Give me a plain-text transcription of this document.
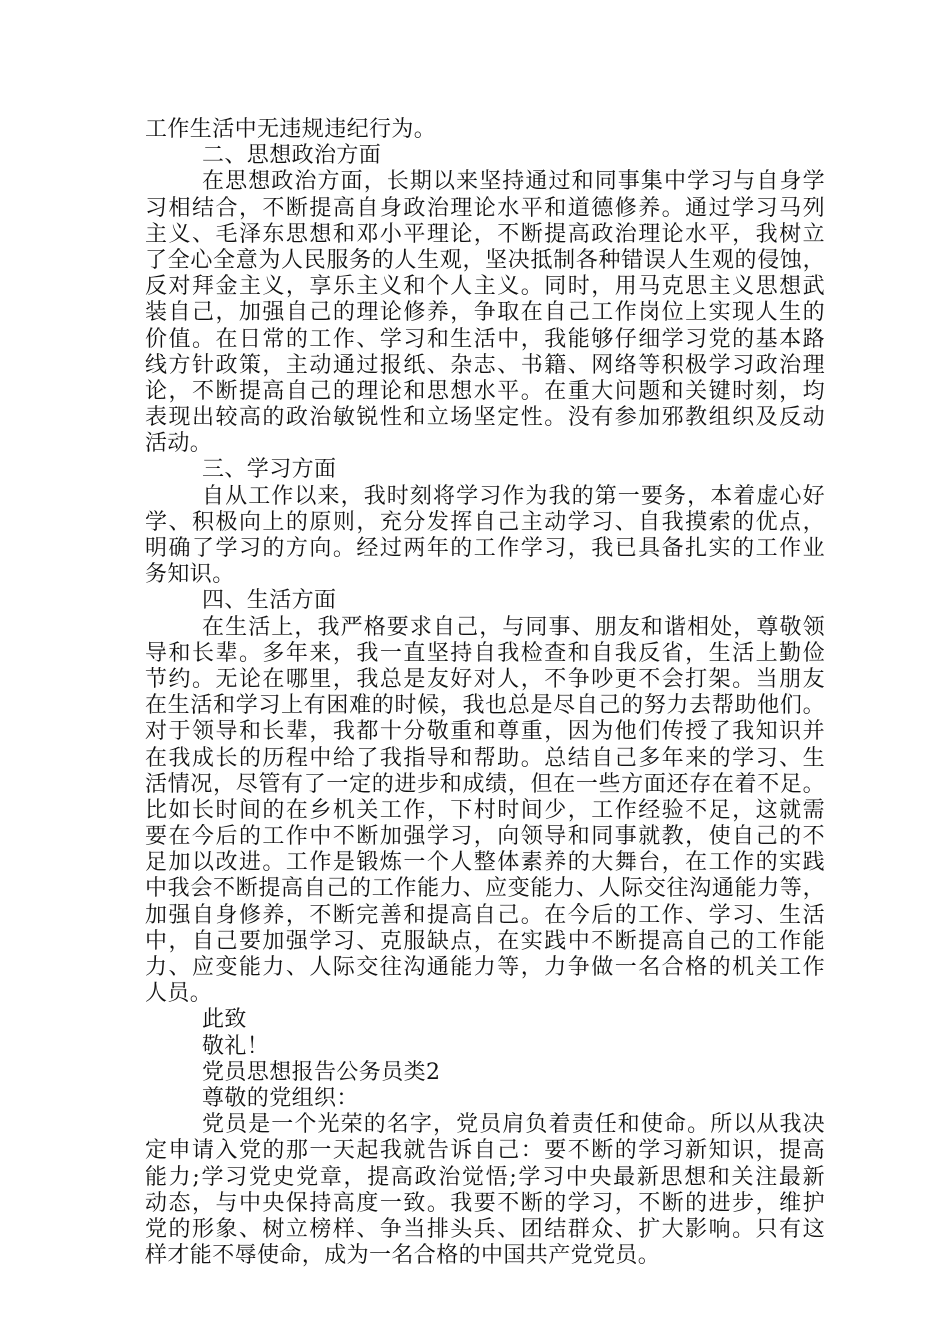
工作生活中无违规违纪行为。
二、思想政治方面
在思想政治方面，长期以来坚持通过和同事集中学习与自身学
习相结合，不断提高自身政治理论水平和道德修养。通过学习马列
主义、毛泽东思想和邓小平理论，不断提高政治理论水平，我树立
了全心全意为人民服务的人生观，坚决抵制各种错误人生观的侵蚀，
反对拜金主义，享乐主义和个人主义。同时，用马克思主义思想武
装自己，加强自己的理论修养，争取在自己工作岗位上实现人生的
价值。在日常的工作、学习和生活中，我能够仔细学习党的基本路
线方针政策，主动通过报纸、杂志、书籍、网络等积极学习政治理
论，不断提高自己的理论和思想水平。在重大问题和关键时刻，均
表现出较高的政治敏锐性和立场坚定性。没有参加邪教组织及反动
活动。
三、学习方面
自从工作以来，我时刻将学习作为我的第一要务，本着虚心好
学、积极向上的原则，充分发挥自己主动学习、自我摸索的优点，
明确了学习的方向。经过两年的工作学习，我已具备扎实的工作业
务知识。
四、生活方面
在生活上，我严格要求自己，与同事、朋友和谐相处，尊敬领
导和长辈。多年来，我一直坚持自我检查和自我反省，生活上勤俭
节约。无论在哪里，我总是友好对人，不争吵更不会打架。当朋友
在生活和学习上有困难的时候，我也总是尽自己的努力去帮助他们。
对于领导和长辈，我都十分敬重和尊重，因为他们传授了我知识并
在我成长的历程中给了我指导和帮助。总结自己多年来的学习、生
活情况，尽管有了一定的进步和成绩，但在一些方面还存在着不足。
比如长时间的在乡机关工作，下村时间少，工作经验不足，这就需
要在今后的工作中不断加强学习，向领导和同事就教，使自己的不
足加以改进。工作是锻炼一个人整体素养的大舞台，在工作的实践
中我会不断提高自己的工作能力、应变能力、人际交往沟通能力等，
加强自身修养，不断完善和提高自己。在今后的工作、学习、生活
中，自己要加强学习、克服缺点，在实践中不断提高自己的工作能
力、应变能力、人际交往沟通能力等，力争做一名合格的机关工作
人员。
此致
敬礼！
党员思想报告公务员类2
尊敬的党组织：
党员是一个光荣的名字，党员肩负着责任和使命。所以从我决
定申请入党的那一天起我就告诉自己：要不断的学习新知识，提高
能力;学习党史党章，提高政治觉悟;学习中央最新思想和关注最新
动态，与中央保持高度一致。我要不断的学习，不断的进步，维护
党的形象、树立榜样、争当排头兵、团结群众、扩大影响。只有这
样才能不辱使命，成为一名合格的中国共产党党员。
